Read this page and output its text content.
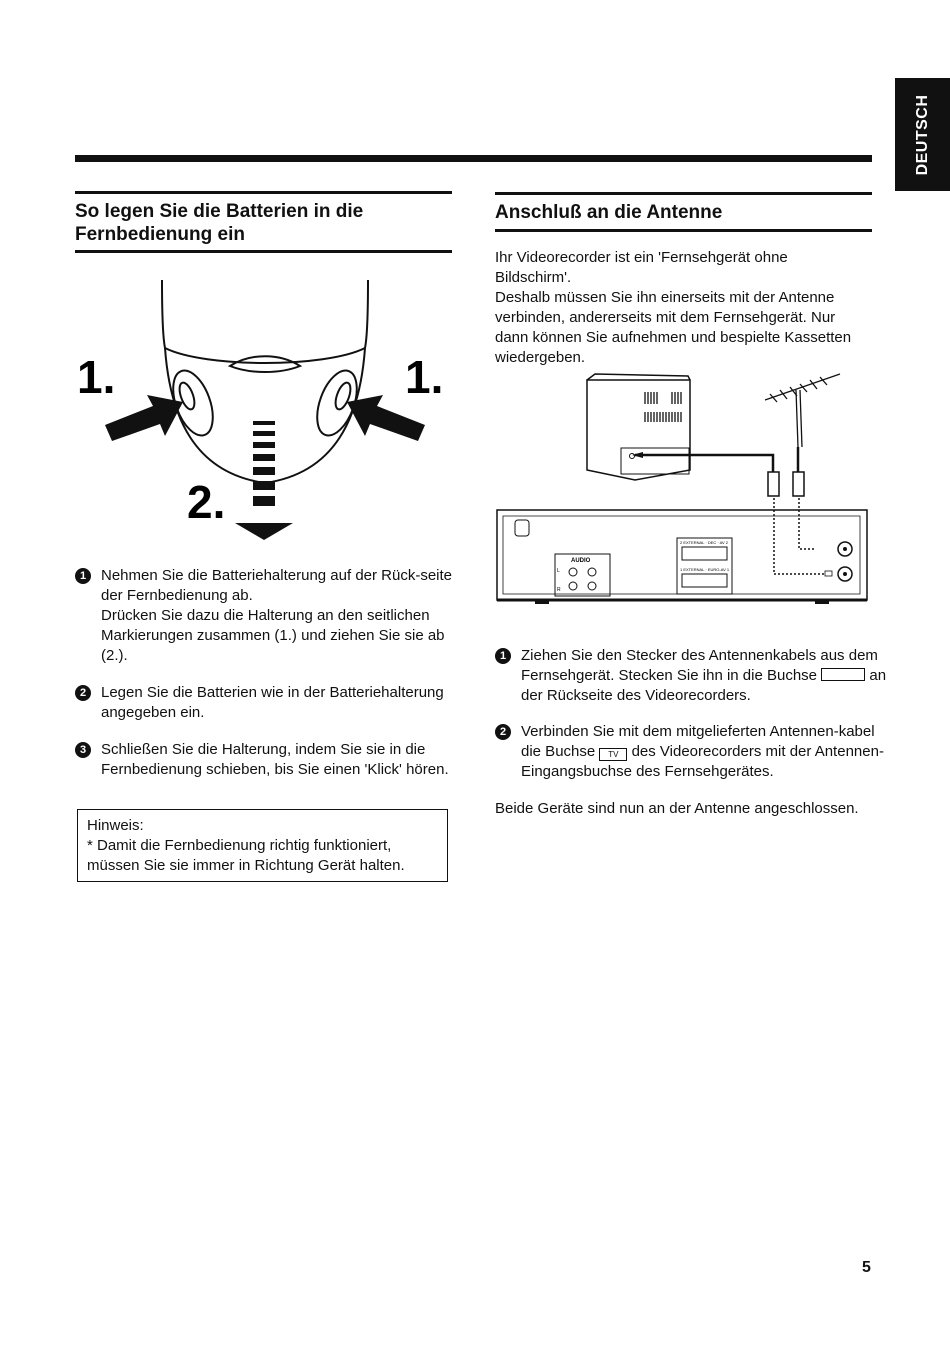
DEUTSCH
So legen Sie die Batterien in die Fernbedienung ein
1.	1.
2.
1 Nehmen Sie die Batteriehalterung auf der Rück-seite der Fernbedienung ab.
Drücken Sie dazu die Halterung an den seitlichen Markierungen zusammen (1.) und ziehen Sie sie ab (2.).
2 Legen Sie die Batterien wie in der Batteriehalterung angegeben ein.
3 Schließen Sie die Halterung, indem Sie sie in die Fernbedienung schieben, bis Sie einen 'Klick' hören.
Hinweis:
* Damit die Fernbedienung richtig funktioniert, müssen Sie sie immer in Richtung Gerät halten.
Anschluß an die Antenne
Ihr Videorecorder ist ein 'Fernsehgerät ohne Bildschirm'.
Deshalb müssen Sie ihn einerseits mit der Antenne verbinden, andererseits mit dem Fernsehgerät. Nur dann können Sie aufnehmen und bespielte Kassetten wiedergeben.
AUDIO
L
R
2 EXTERNAL · DEC · AV 2
1 EXTERNAL · EURO-AV 1
1 Ziehen Sie den Stecker des Antennenkabels aus dem Fernsehgerät. Stecken Sie ihn in die Buchse	an der Rückseite des Videorecorders.
2 Verbinden Sie mit dem mitgelieferten Antennen-kabel die Buchse TV des Videorecorders mit der Antennen-Eingangsbuchse des Fernsehgerätes.
Beide Geräte sind nun an der Antenne angeschlossen.
5
